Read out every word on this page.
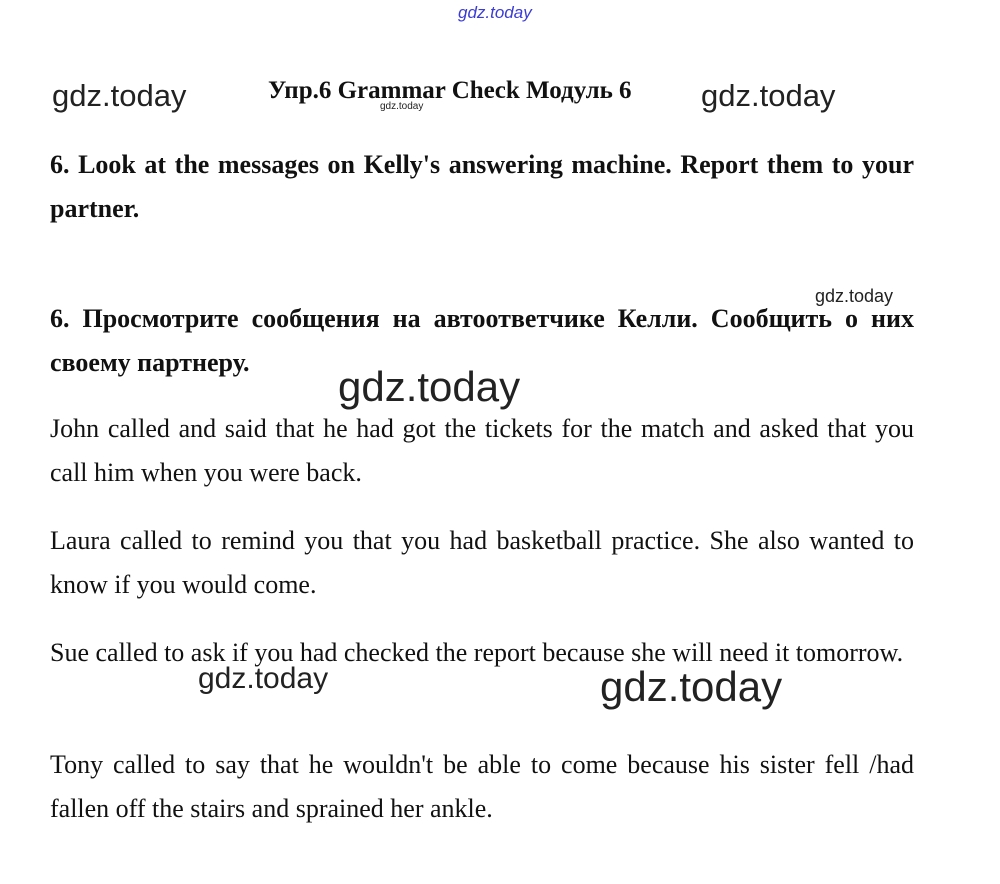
gdz.today
Упр.6 Grammar Check Модуль 6
gdz.today	gdz.today
gdz.today

6. Look at the messages on Kelly's answering machine. Report them to your partner.

gdz.today

6. Просмотрите сообщения на автоответчике Келли. Сообщить о них своему партнеру.

gdz.today

John called and said that he had got the tickets for the match and asked that you call him when you were back.

Laura called to remind you that you had basketball practice. She also wanted to know if you would come.

Sue called to ask if you had checked the report because she will need it tomorrow.

gdz.today	gdz.today

Tony called to say that he wouldn't be able to come because his sister fell /had fallen off the stairs and sprained her ankle.
